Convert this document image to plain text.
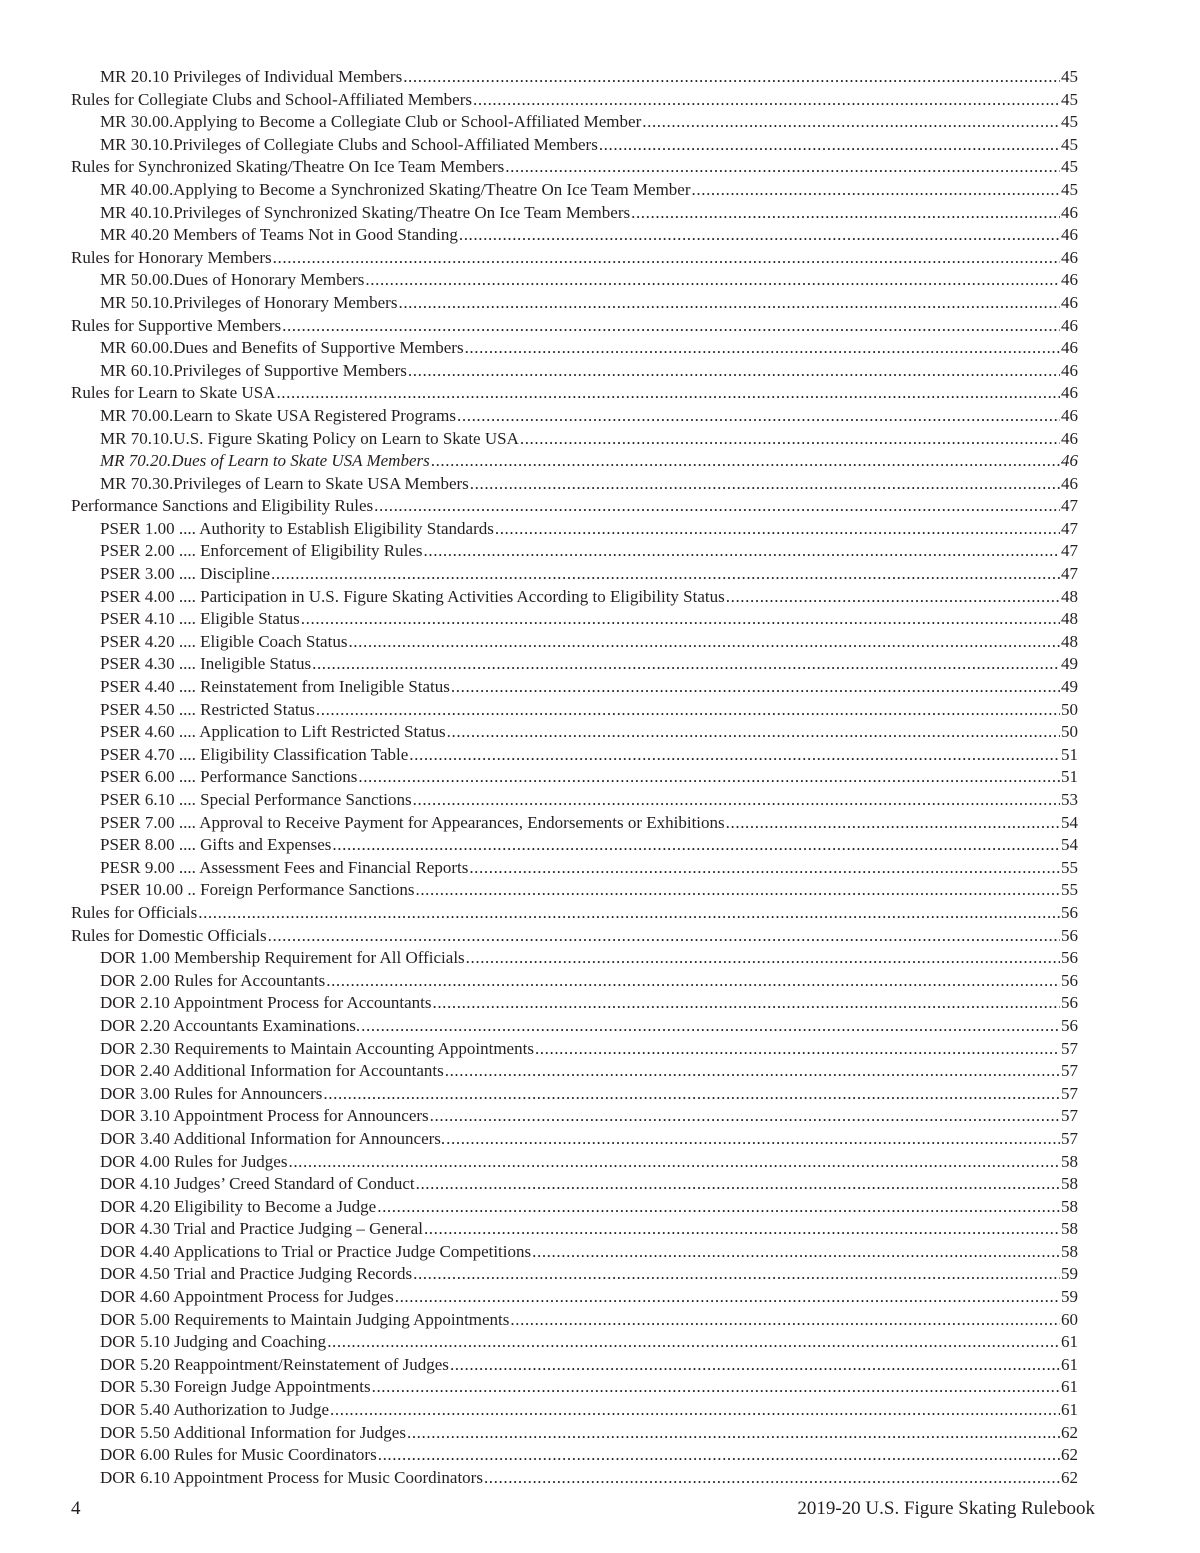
MR 20.10 Privileges of Individual Members .....	45
Rules for Collegiate Clubs and School-Affiliated Members .....	45
MR 30.00.Applying to Become a Collegiate Club or School-Affiliated Member .....	45
MR 30.10.Privileges of Collegiate Clubs and School-Affiliated Members .....	45
Rules for Synchronized Skating/Theatre On Ice Team Members .....	45
MR 40.00.Applying to Become a Synchronized Skating/Theatre On Ice Team Member .....	45
MR 40.10.Privileges of Synchronized Skating/Theatre On Ice Team Members .....	46
MR 40.20 Members of Teams Not in Good Standing .....	46
Rules for Honorary Members .....	46
MR 50.00.Dues of Honorary Members .....	46
MR 50.10.Privileges of Honorary Members .....	46
Rules for Supportive Members .....	46
MR 60.00.Dues and Benefits of Supportive Members .....	46
MR 60.10.Privileges of Supportive Members .....	46
Rules for Learn to Skate USA .....	46
MR 70.00.Learn to Skate USA Registered Programs .....	46
MR 70.10.U.S. Figure Skating Policy on Learn to Skate USA .....	46
MR 70.20.Dues of Learn to Skate USA Members .....	46
MR 70.30.Privileges of Learn to Skate USA Members .....	46
Performance Sanctions and Eligibility Rules .....	47
PSER 1.00 .... Authority to Establish Eligibility Standards .....	47
PSER 2.00 .... Enforcement of Eligibility Rules .....	47
PSER 3.00 .... Discipline .....	47
PSER 4.00 .... Participation in U.S. Figure Skating Activities According to Eligibility Status .....	48
PSER 4.10 .... Eligible Status .....	48
PSER 4.20 .... Eligible Coach Status .....	48
PSER 4.30 .... Ineligible Status .....	49
PSER 4.40 .... Reinstatement from Ineligible Status .....	49
PSER 4.50 .... Restricted Status .....	50
PSER 4.60 .... Application to Lift Restricted Status .....	50
PSER 4.70 .... Eligibility Classification Table .....	51
PSER 6.00 .... Performance Sanctions .....	51
PSER 6.10 .... Special Performance Sanctions .....	53
PSER 7.00 .... Approval to Receive Payment for Appearances, Endorsements or Exhibitions .....	54
PSER 8.00 .... Gifts and Expenses .....	54
PESR 9.00 .... Assessment Fees and Financial Reports .....	55
PSER 10.00 .. Foreign Performance Sanctions .....	55
Rules for Officials .....	56
Rules for Domestic Officials .....	56
DOR 1.00 Membership Requirement for All Officials .....	56
DOR 2.00 Rules for Accountants .....	56
DOR 2.10 Appointment Process for Accountants .....	56
DOR 2.20 Accountants Examinations. .....	56
DOR 2.30 Requirements to Maintain Accounting Appointments .....	57
DOR 2.40 Additional Information for Accountants .....	57
DOR 3.00 Rules for Announcers .....	57
DOR 3.10 Appointment Process for Announcers .....	57
DOR 3.40 Additional Information for Announcers. .....	57
DOR 4.00 Rules for Judges .....	58
DOR 4.10 Judges’ Creed Standard of Conduct .....	58
DOR 4.20 Eligibility to Become a Judge .....	58
DOR 4.30 Trial and Practice Judging – General .....	58
DOR 4.40 Applications to Trial or Practice Judge Competitions .....	58
DOR 4.50 Trial and Practice Judging Records .....	59
DOR 4.60 Appointment Process for Judges .....	59
DOR 5.00 Requirements to Maintain Judging Appointments .....	60
DOR 5.10 Judging and Coaching .....	61
DOR 5.20 Reappointment/Reinstatement of Judges .....	61
DOR 5.30 Foreign Judge Appointments .....	61
DOR 5.40 Authorization to Judge .....	61
DOR 5.50 Additional Information for Judges .....	62
DOR 6.00 Rules for Music Coordinators .....	62
DOR 6.10 Appointment Process for Music Coordinators .....	62
4	2019-20 U.S. Figure Skating Rulebook
